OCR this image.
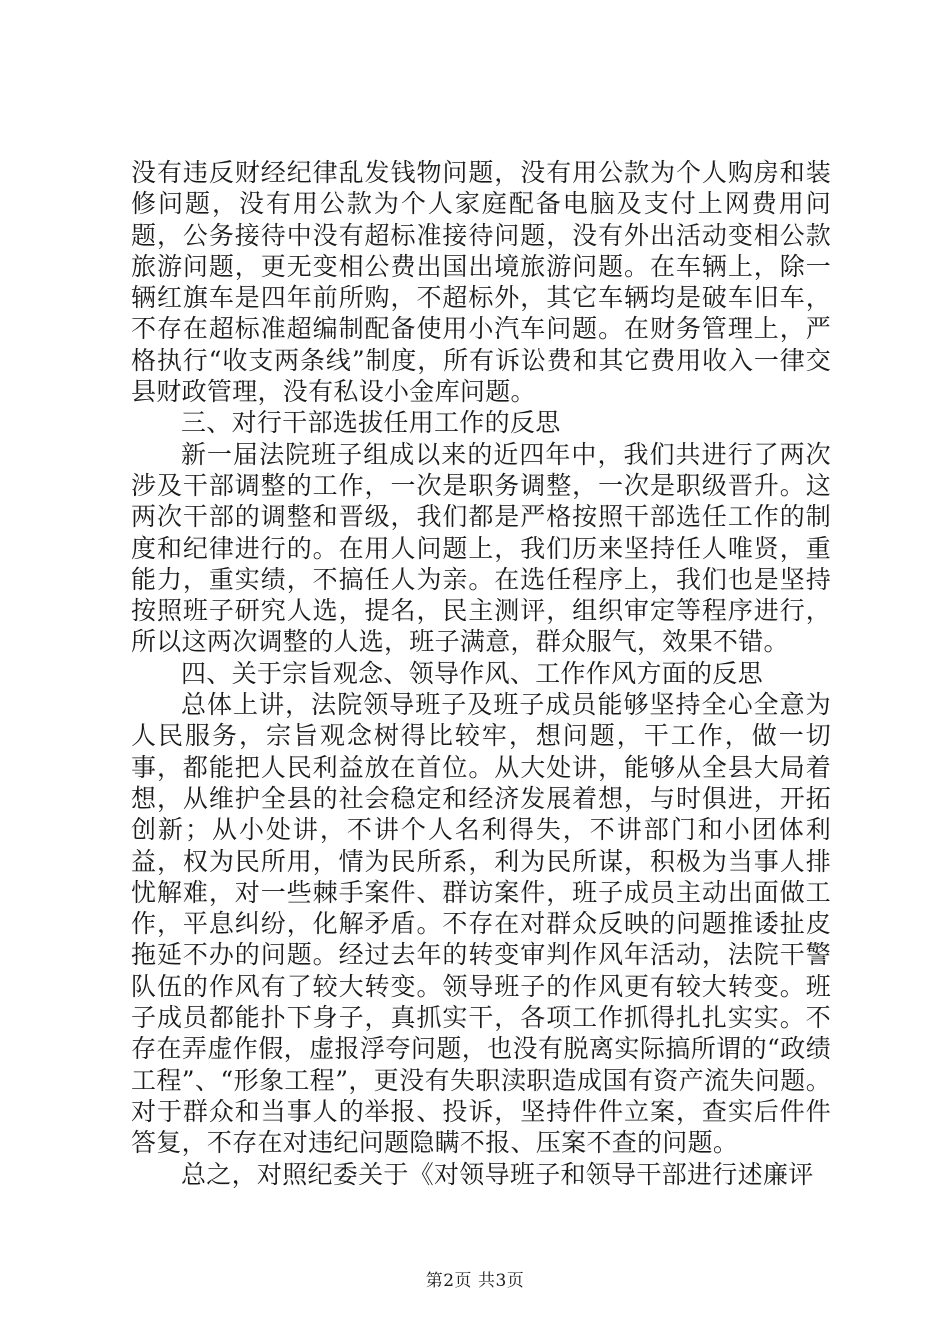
没有违反财经纪律乱发钱物问题，没有用公款为个人购房和装修问题，没有用公款为个人家庭配备电脑及支付上网费用问题，公务接待中没有超标准接待问题，没有外出活动变相公款旅游问题，更无变相公费出国出境旅游问题。在车辆上，除一辆红旗车是四年前所购，不超标外，其它车辆均是破车旧车，不存在超标准超编制配备使用小汽车问题。在财务管理上，严格执行“收支两条线”制度，所有诉讼费和其它费用收入一律交县财政管理，没有私设小金库问题。

三、对行干部选拔任用工作的反思

新一届法院班子组成以来的近四年中，我们共进行了两次涉及干部调整的工作，一次是职务调整，一次是职级晋升。这两次干部的调整和晋级，我们都是严格按照干部选任工作的制度和纪律进行的。在用人问题上，我们历来坚持任人唯贤，重能力，重实绩，不搞任人为亲。在选任程序上，我们也是坚持按照班子研究人选，提名，民主测评，组织审定等程序进行，所以这两次调整的人选，班子满意，群众服气，效果不错。

四、关于宗旨观念、领导作风、工作作风方面的反思

总体上讲，法院领导班子及班子成员能够坚持全心全意为人民服务，宗旨观念树得比较牢，想问题，干工作，做一切事，都能把人民利益放在首位。从大处讲，能够从全县大局着想，从维护全县的社会稳定和经济发展着想，与时俱进，开拓创新；从小处讲，不讲个人名利得失，不讲部门和小团体利益，权为民所用，情为民所系，利为民所谋，积极为当事人排忧解难，对一些棘手案件、群访案件，班子成员主动出面做工作，平息纠纷，化解矛盾。不存在对群众反映的问题推诿扯皮拖延不办的问题。经过去年的转变审判作风年活动，法院干警队伍的作风有了较大转变。领导班子的作风更有较大转变。班子成员都能扑下身子，真抓实干，各项工作抓得扎扎实实。不存在弄虚作假，虚报浮夸问题，也没有脱离实际搞所谓的“政绩工程”、“形象工程”，更没有失职渎职造成国有资产流失问题。对于群众和当事人的举报、投诉，坚持件件立案，查实后件件答复，不存在对违纪问题隐瞒不报、压案不查的问题。

总之，对照纪委关于《对领导班子和领导干部进行述廉评

第2页 共3页
